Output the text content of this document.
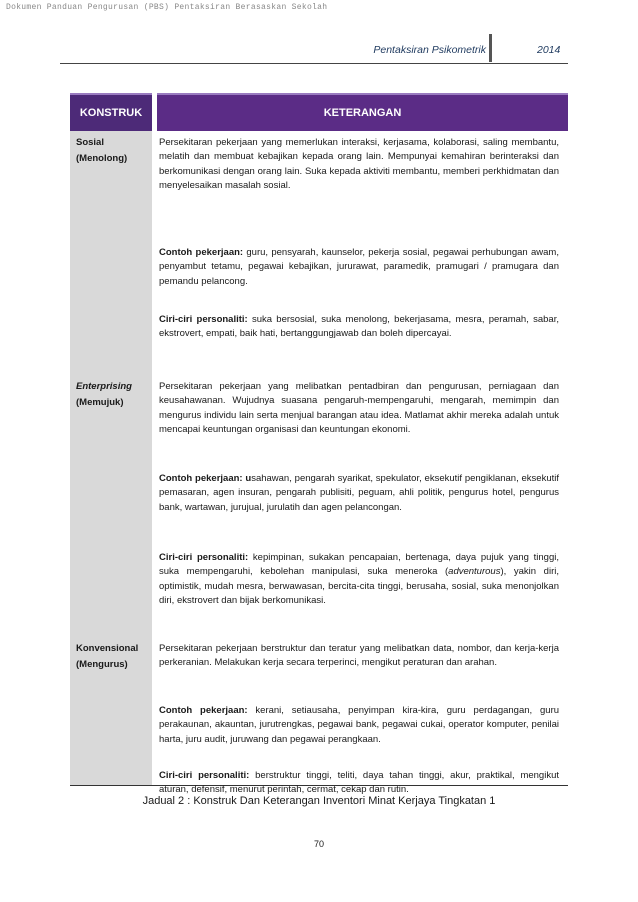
Dokumen Panduan Pengurusan (PBS) Pentaksiran Berasaskan Sekolah
Pentaksiran Psikometrik	2014
KONSTRUK	KETERANGAN
Sosial
(Menolong)
Persekitaran pekerjaan yang memerlukan interaksi, kerjasama, kolaborasi, saling membantu, melatih dan membuat kebajikan kepada orang lain. Mempunyai kemahiran berinteraksi dan berkomunikasi dengan orang lain. Suka kepada aktiviti membantu, memberi perkhidmatan dan menyelesaikan masalah sosial.
Contoh pekerjaan: guru, pensyarah, kaunselor, pekerja sosial, pegawai perhubungan awam, penyambut tetamu, pegawai kebajikan, jururawat, paramedik, pramugari / pramugara dan pemandu pelancong.
Ciri-ciri personaliti: suka bersosial, suka menolong, bekerjasama, mesra, peramah, sabar, ekstrovert, empati, baik hati, bertanggungjawab dan boleh dipercayai.
Enterprising
(Memujuk)
Persekitaran pekerjaan yang melibatkan pentadbiran dan pengurusan, perniagaan dan keusahawanan. Wujudnya suasana pengaruh-mempengaruhi, mengarah, memimpin dan mengurus individu lain serta menjual barangan atau idea. Matlamat akhir mereka adalah untuk mencapai keuntungan organisasi dan keuntungan ekonomi.
Contoh pekerjaan: usahawan, pengarah syarikat, spekulator, eksekutif pengiklanan, eksekutif pemasaran, agen insuran, pengarah publisiti, peguam, ahli politik, pengurus hotel, pengurus bank, wartawan, jurujual, jurulatih dan agen pelancongan.
Ciri-ciri personaliti: kepimpinan, sukakan pencapaian, bertenaga, daya pujuk yang tinggi, suka mempengaruhi, kebolehan manipulasi, suka meneroka (adventurous), yakin diri, optimistik, mudah mesra, berwawasan, bercita-cita tinggi, berusaha, sosial, suka menonjolkan diri, ekstrovert dan bijak berkomunikasi.
Konvensional
(Mengurus)
Persekitaran pekerjaan berstruktur dan teratur yang melibatkan data, nombor, dan kerja-kerja perkeranian. Melakukan kerja secara terperinci, mengikut peraturan dan arahan.
Contoh pekerjaan: kerani, setiausaha, penyimpan kira-kira, guru perdagangan, guru perakaunan, akauntan, jurutrengkas, pegawai bank, pegawai cukai, operator komputer, penilai harta, juru audit, juruwang dan pegawai perangkaan.
Ciri-ciri personaliti: berstruktur tinggi, teliti, daya tahan tinggi, akur, praktikal, mengikut aturan, defensif, menurut perintah, cermat, cekap dan rutin.
Jadual 2 : Konstruk Dan Keterangan Inventori Minat Kerjaya Tingkatan 1
70
